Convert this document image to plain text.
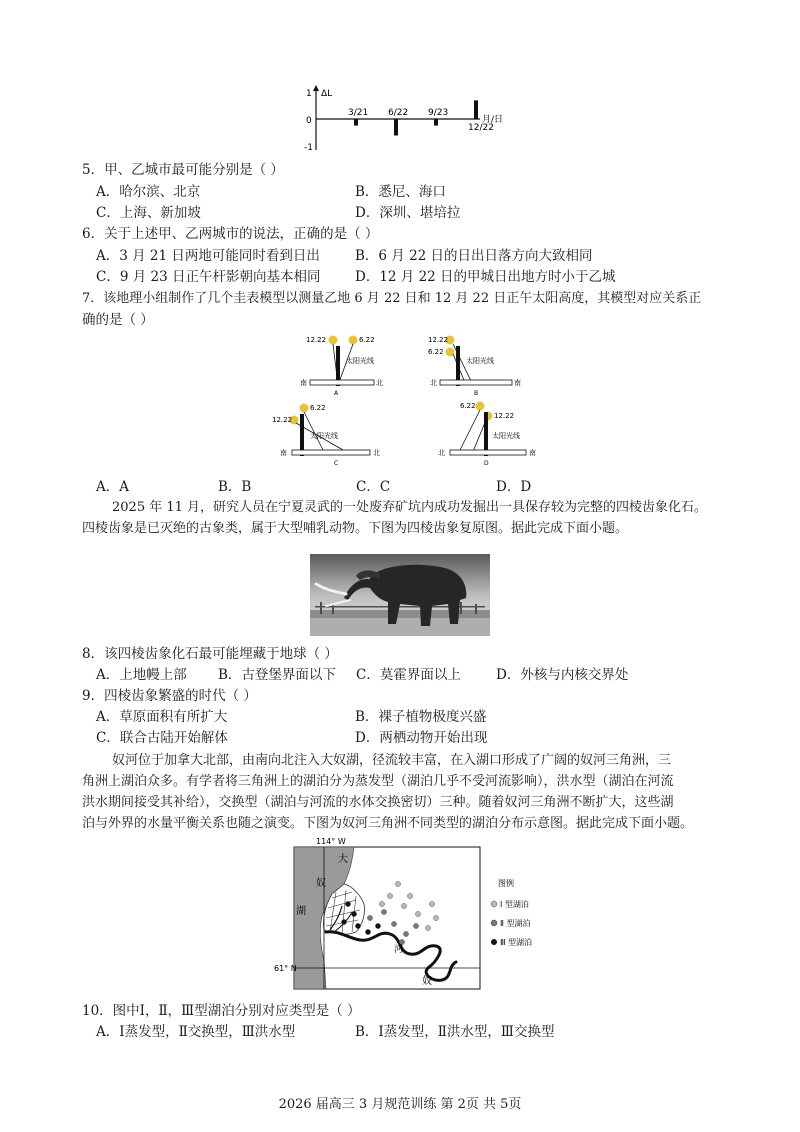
ΔL
1
0
-1
月/日
3/21 6/22 9/23
12/22
5．甲、乙城市最可能分别是（ ）
A．哈尔滨、北京	B．悉尼、海口
C．上海、新加坡	D．深圳、堪培拉
6．关于上述甲、乙两城市的说法，正确的是（ ）
A．3 月 21 日两地可能同时看到日出	B．6 月 22 日的日出日落方向大致相同
C．9 月 23 日正午杆影朝向基本相同	D．12 月 22 日的甲城日出地方时小于乙城
7．该地理小组制作了几个圭表模型以测量乙地 6 月 22 日和 12 月 22 日正午太阳高度，其模型对应关系正
确的是（ ）
12.22	6.22
太阳光线
南	北
A
12.22
6.22
太阳光线
北	南
B
6.22
12.22
太阳光线
南	北
C
6.22
12.22
太阳光线
北	南
D
A．A	B．B	C．C	D．D
2025 年 11 月，研究人员在宁夏灵武的一处废弃矿坑内成功发掘出一具保存较为完整的四棱齿象化石。
四棱齿象是已灭绝的古象类，属于大型哺乳动物。下图为四棱齿象复原图。据此完成下面小题。
8．该四棱齿象化石最可能埋藏于地球（ ）
A．上地幔上部 B．古登堡界面以下 C．莫霍界面以上	D．外核与内核交界处
9．四棱齿象繁盛的时代（ ）
A．草原面积有所扩大	B．裸子植物极度兴盛
C．联合古陆开始解体	D．两栖动物开始出现
奴河位于加拿大北部，由南向北注入大奴湖，径流较丰富，在入湖口形成了广阔的奴河三角洲，三
角洲上湖泊众多。有学者将三角洲上的湖泊分为蒸发型（湖泊几乎不受河流影响），洪水型（湖泊在河流
洪水期间接受其补给），交换型（湖泊与河流的水体交换密切）三种。随着奴河三角洲不断扩大，这些湖
泊与外界的水量平衡关系也随之演变。下图为奴河三角洲不同类型的湖泊分布示意图。据此完成下面小题。
114° W
61° N
大
奴
湖
奴
河
图例
Ⅰ 型湖泊
Ⅱ 型湖泊
Ⅲ 型湖泊
10．图中Ⅰ，Ⅱ，Ⅲ型湖泊分别对应类型是（ ）
A．Ⅰ蒸发型，Ⅱ交换型，Ⅲ洪水型	B．Ⅰ蒸发型，Ⅱ洪水型，Ⅲ交换型
2026 届高三 3 月规范训练 第 2页 共 5页
